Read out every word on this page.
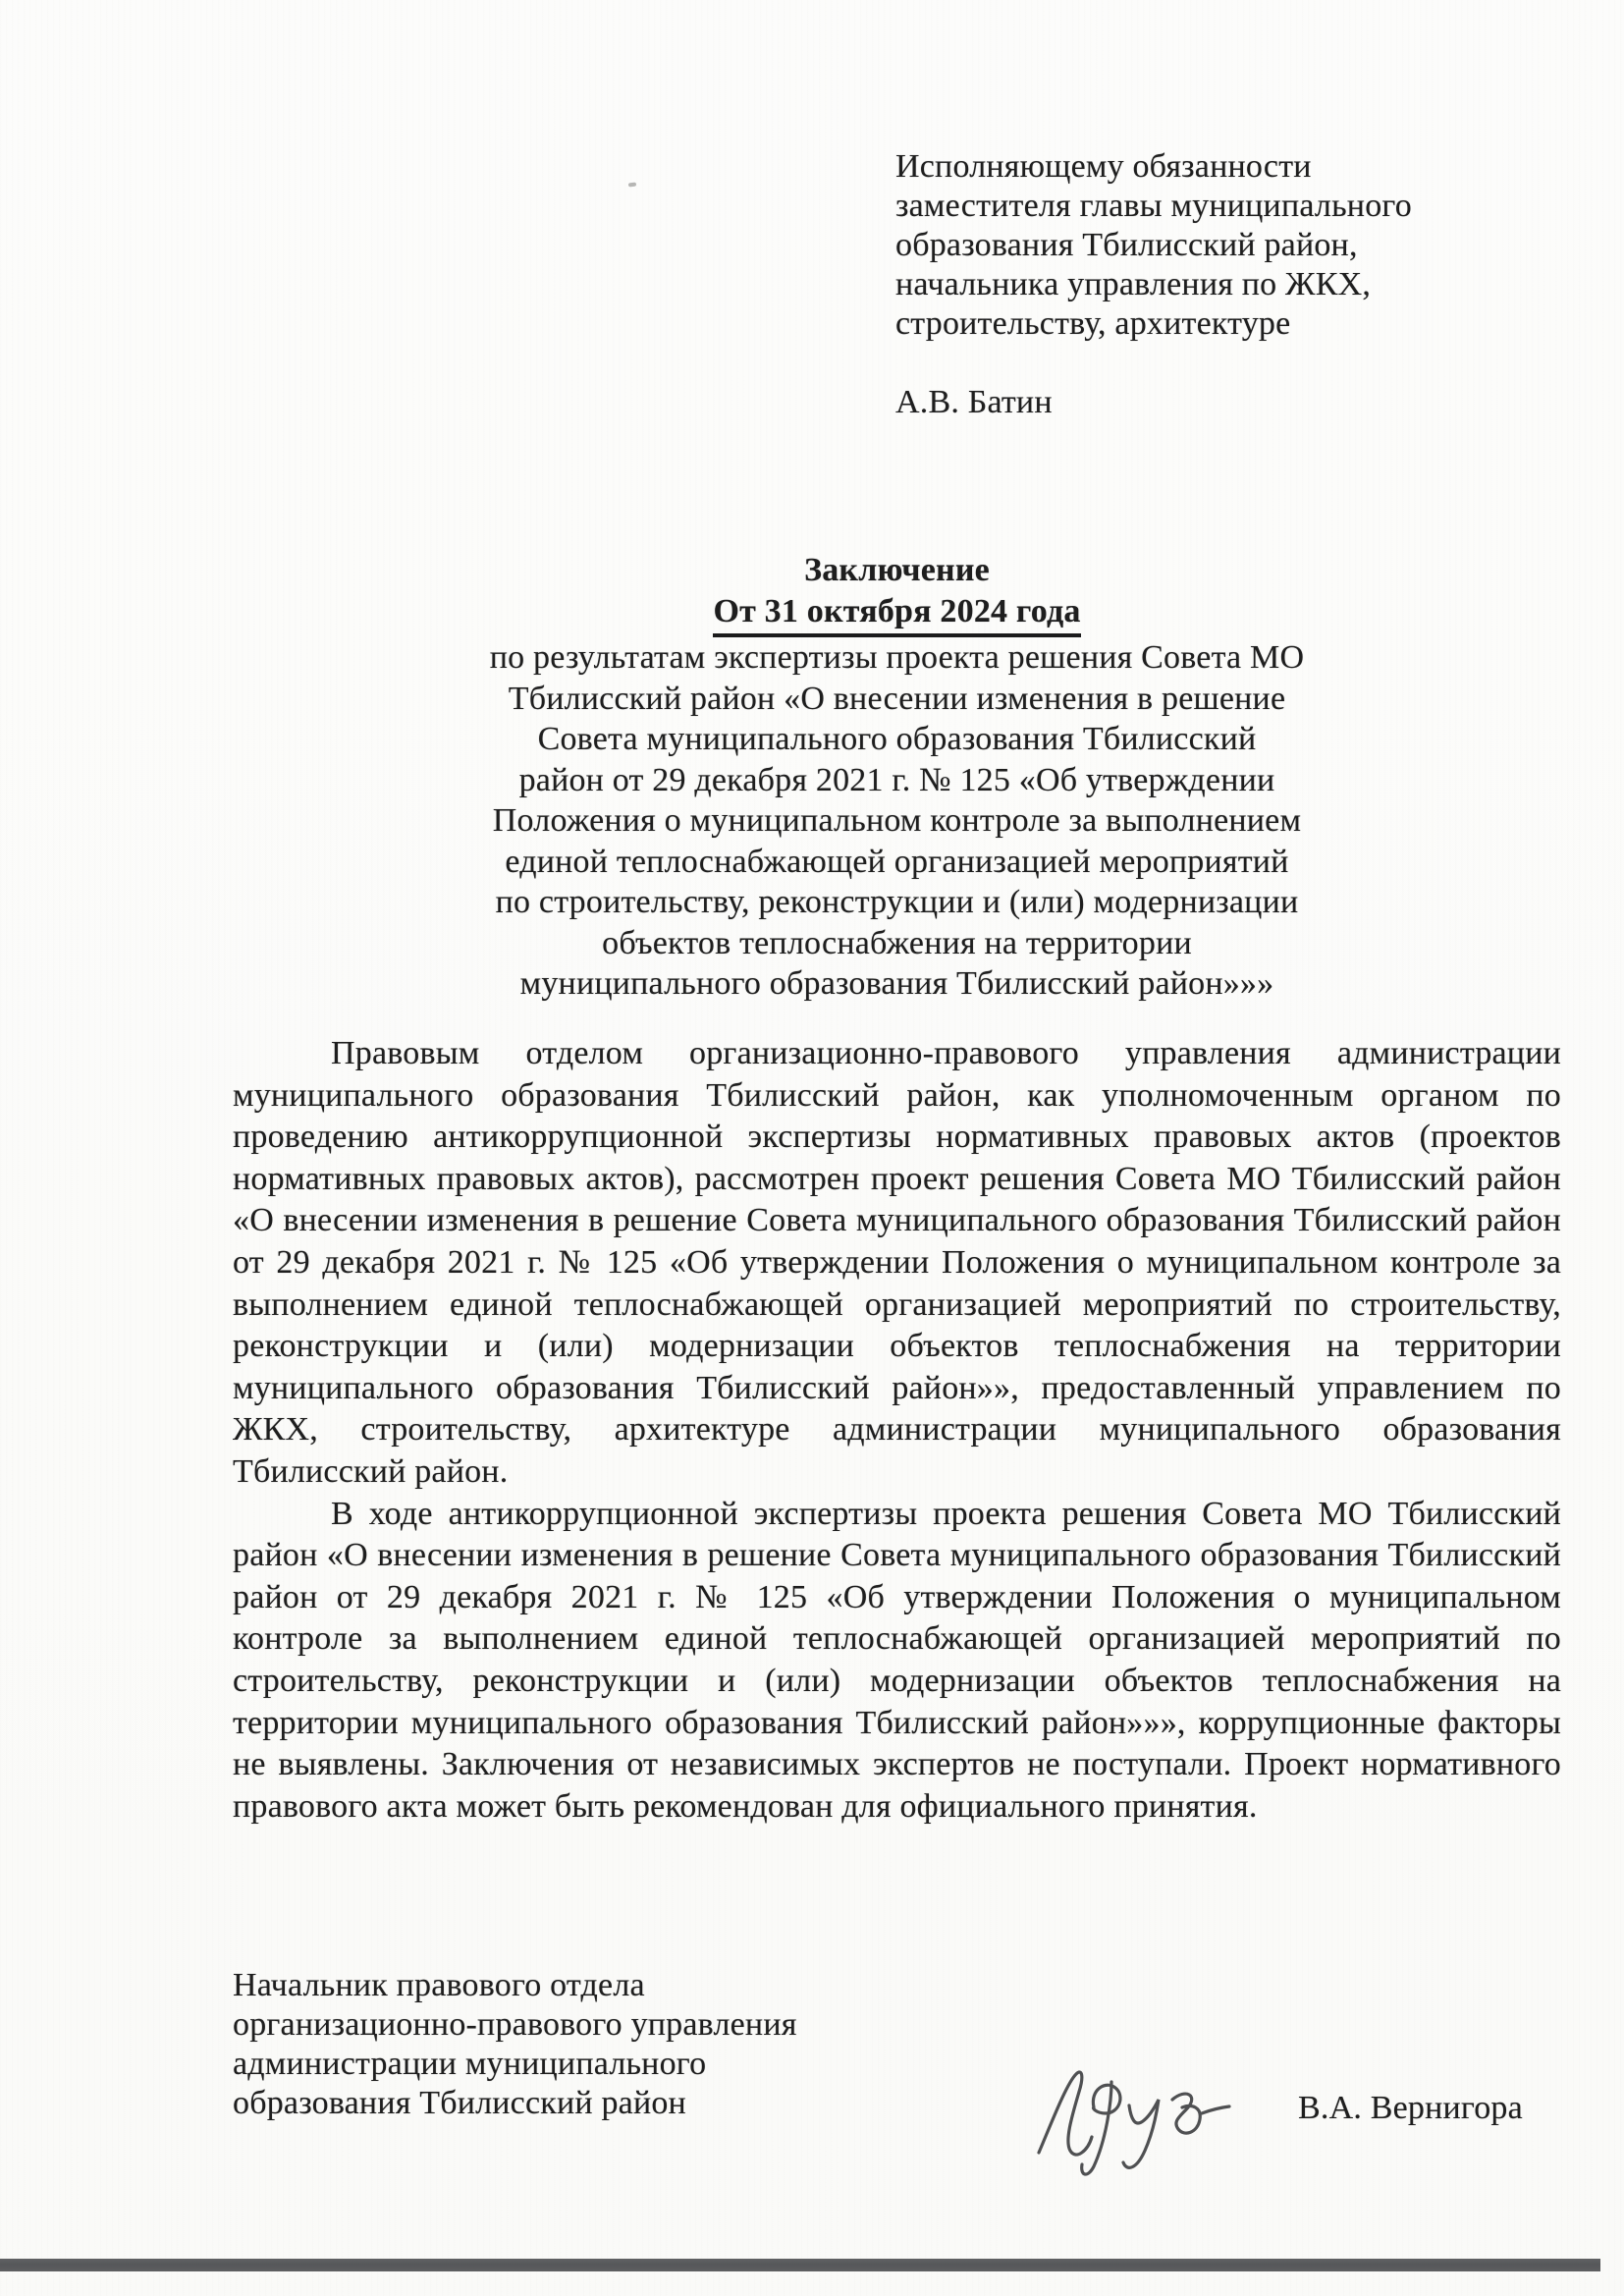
Исполняющему обязанности
заместителя главы муниципального
образования Тбилисский район,
начальника управления по ЖКХ,
строительству, архитектуре
А.В. Батин
Заключение
От 31 октября 2024 года
по результатам экспертизы проекта решения Совета МО
Тбилисский район «О внесении изменения в решение
Совета муниципального образования Тбилисский
район от 29 декабря 2021 г. № 125 «Об утверждении
Положения о муниципальном контроле за выполнением
единой теплоснабжающей организацией мероприятий
по строительству, реконструкции и (или) модернизации
объектов теплоснабжения на территории
муниципального образования Тбилисский район»»»

Правовым отделом организационно-правового управления администрации муниципального образования Тбилисский район, как уполномоченным органом по проведению антикоррупционной экспертизы нормативных правовых актов (проектов нормативных правовых актов), рассмотрен проект решения Совета МО Тбилисский район «О внесении изменения в решение Совета муниципального образования Тбилисский район от 29 декабря 2021 г. № 125 «Об утверждении Положения о муниципальном контроле за выполнением единой теплоснабжающей организацией мероприятий по строительству, реконструкции и (или) модернизации объектов теплоснабжения на территории муниципального образования Тбилисский район»», предоставленный управлением по ЖКХ, строительству, архитектуре администрации муниципального образования Тбилисский район.

В ходе антикоррупционной экспертизы проекта решения Совета МО Тбилисский район «О внесении изменения в решение Совета муниципального образования Тбилисский район от 29 декабря 2021 г. № 125 «Об утверждении Положения о муниципальном контроле за выполнением единой теплоснабжающей организацией мероприятий по строительству, реконструкции и (или) модернизации объектов теплоснабжения на территории муниципального образования Тбилисский район»»», коррупционные факторы не выявлены. Заключения от независимых экспертов не поступали. Проект нормативного правового акта может быть рекомендован для официального принятия.

Начальник правового отдела
организационно-правового управления
администрации муниципального
образования Тбилисский район	В.А. Вернигора
